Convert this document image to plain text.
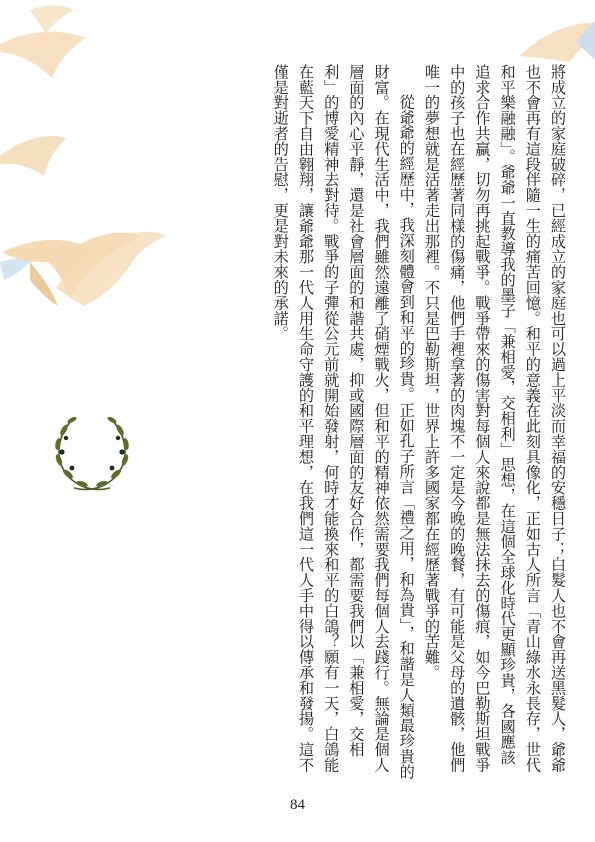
將成立的家庭破碎，已經成立的家庭也可以過上平淡而幸福的安穩日子；白髮人也不會再送黑髮人，爺爺也不會再有這段伴隨一生的痛苦回憶。和平的意義在此刻具像化，正如古人所言「青山綠水永長存，世代和平樂融融」。爺爺一直教導我的墨子「兼相愛，交相利」思想，在這個全球化時代更顯珍貴，各國應該追求合作共贏，切勿再挑起戰爭。戰爭帶來的傷害對每個人來說都是無法抹去的傷痕，如今巴勒斯坦戰爭中的孩子也在經歷著同樣的傷痛，他們手裡拿著的肉塊不一定是今晚的晚餐，有可能是父母的遺骸，他們唯一的夢想就是活著走出那裡。不只是巴勒斯坦，世界上許多國家都在經歷著戰爭的苦難。

從爺爺的經歷中，我深刻體會到和平的珍貴。正如孔子所言「禮之用，和為貴」，和諧是人類最珍貴的財富。在現代生活中，我們雖然遠離了硝煙戰火，但和平的精神依然需要我們每個人去踐行。無論是個人層面的內心平靜，還是社會層面的和諧共處，抑或國際層面的友好合作，都需要我們以「兼相愛，交相利」的博愛精神去對待。戰爭的子彈從公元前就開始發射，何時才能換來和平的白鴿？願有一天，白鴿能在藍天下自由翱翔，讓爺爺那一代人用生命守護的和平理想，在我們這一代人手中得以傳承和發揚。這不僅是對逝者的告慰，更是對未來的承諾。

84
